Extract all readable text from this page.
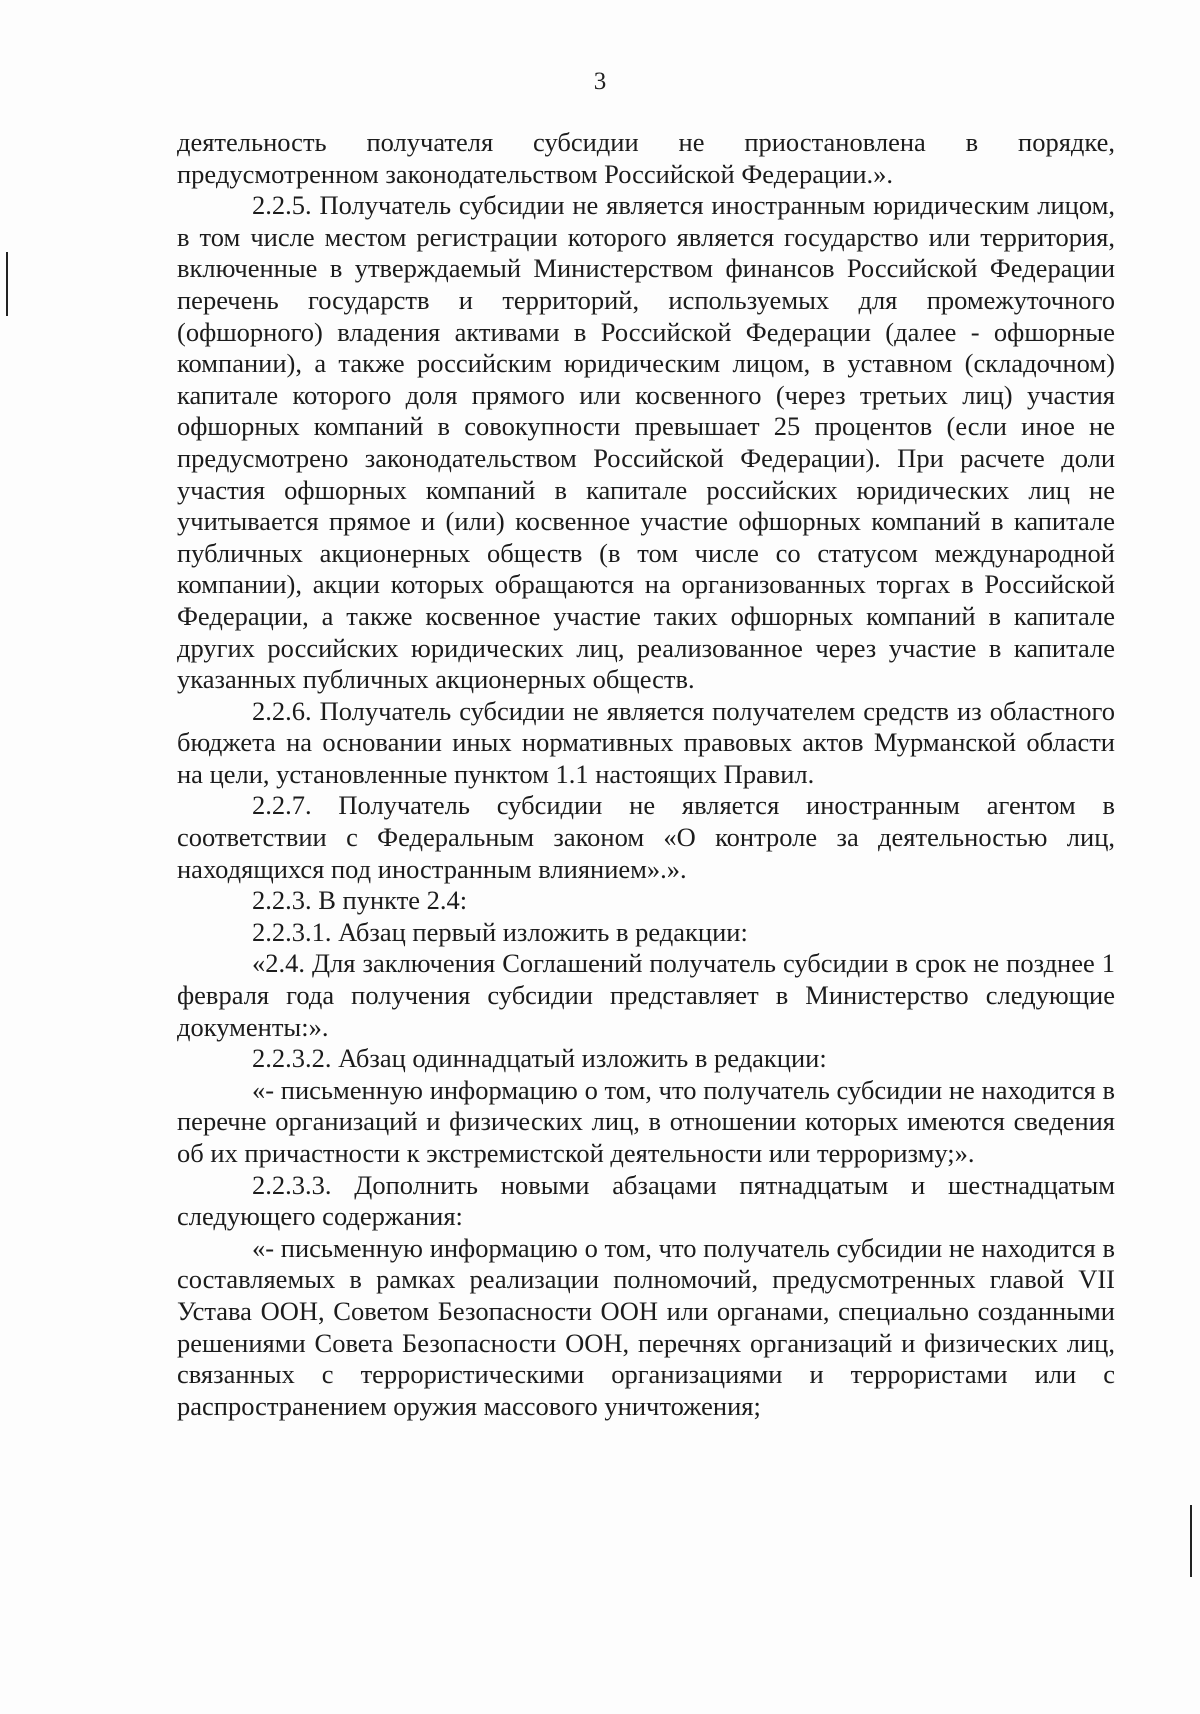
3

деятельность получателя субсидии не приостановлена в порядке, предусмотренном законодательством Российской Федерации.».

2.2.5. Получатель субсидии не является иностранным юридическим лицом, в том числе местом регистрации которого является государство или территория, включенные в утверждаемый Министерством финансов Российской Федерации перечень государств и территорий, используемых для промежуточного (офшорного) владения активами в Российской Федерации (далее - офшорные компании), а также российским юридическим лицом, в уставном (складочном) капитале которого доля прямого или косвенного (через третьих лиц) участия офшорных компаний в совокупности превышает 25 процентов (если иное не предусмотрено законодательством Российской Федерации). При расчете доли участия офшорных компаний в капитале российских юридических лиц не учитывается прямое и (или) косвенное участие офшорных компаний в капитале публичных акционерных обществ (в том числе со статусом международной компании), акции которых обращаются на организованных торгах в Российской Федерации, а также косвенное участие таких офшорных компаний в капитале других российских юридических лиц, реализованное через участие в капитале указанных публичных акционерных обществ.

2.2.6. Получатель субсидии не является получателем средств из областного бюджета на основании иных нормативных правовых актов Мурманской области на цели, установленные пунктом 1.1 настоящих Правил.

2.2.7. Получатель субсидии не является иностранным агентом в соответствии с Федеральным законом «О контроле за деятельностью лиц, находящихся под иностранным влиянием».».

2.2.3. В пункте 2.4:

2.2.3.1. Абзац первый изложить в редакции:

«2.4. Для заключения Соглашений получатель субсидии в срок не позднее 1 февраля года получения субсидии представляет в Министерство следующие документы:».

2.2.3.2. Абзац одиннадцатый изложить в редакции:

«- письменную информацию о том, что получатель субсидии не находится в перечне организаций и физических лиц, в отношении которых имеются сведения об их причастности к экстремистской деятельности или терроризму;».

2.2.3.3. Дополнить новыми абзацами пятнадцатым и шестнадцатым следующего содержания:

«- письменную информацию о том, что получатель субсидии не находится в составляемых в рамках реализации полномочий, предусмотренных главой VII Устава ООН, Советом Безопасности ООН или органами, специально созданными решениями Совета Безопасности ООН, перечнях организаций и физических лиц, связанных с террористическими организациями и террористами или с распространением оружия массового уничтожения;
